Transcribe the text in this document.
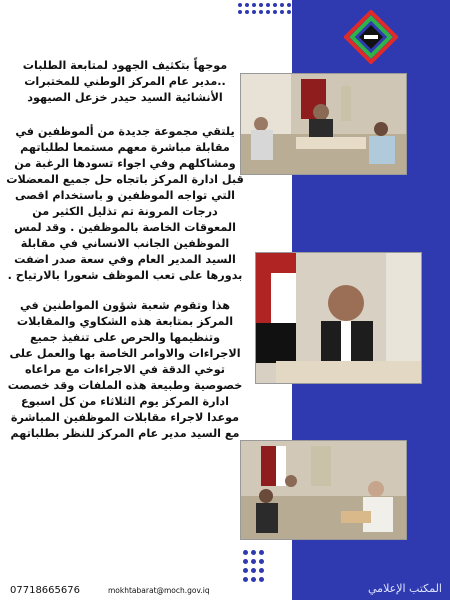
موجهاً بتكثيف الجهود لمتابعة الطلبات
..مدير عام المركز الوطني للمختبرات
الأنشائية السيد حيدر خزعل الصيهود

يلتقي مجموعة جديدة من ألموظفين في مقابلة مباشرة معهم مستمعا لطلباتهم ومشاكلهم وفي اجواء تسودها الرغبة من قبل ادارة المركز باتجاه حل جميع المعضلات التي تواجه الموظفين و باستخدام اقصى درجات المرونة تم تذليل الكثير من المعوقات الخاصة بالموظفين . وقد لمس الموظفين الجانب الانساني في مقابلة السيد المدير العام وفي سعة صدر اضفت بدورها على تعب الموظف شعورا بالارتياح .

هذا وتقوم شعبة شؤون المواطنين في المركز بمتابعة هذه الشكاوي والمقابلات وتنظيمها والحرص على تنفيذ جميع الاجراءات والاوامر الخاصة بها والعمل على توخي الدقة في الاجراءات مع مراعاه خصوصية وطبيعة هذه الملفات وقد خصصت ادارة المركز يوم الثلاثاء من كل اسبوع موعدا لاجراء مقابلات الموظفين المباشرة مع السيد مدير عام المركز للنظر بطلباتهم

07718665676	mokhtabarat@moch.gov.iq	المكتب الإعلامي
